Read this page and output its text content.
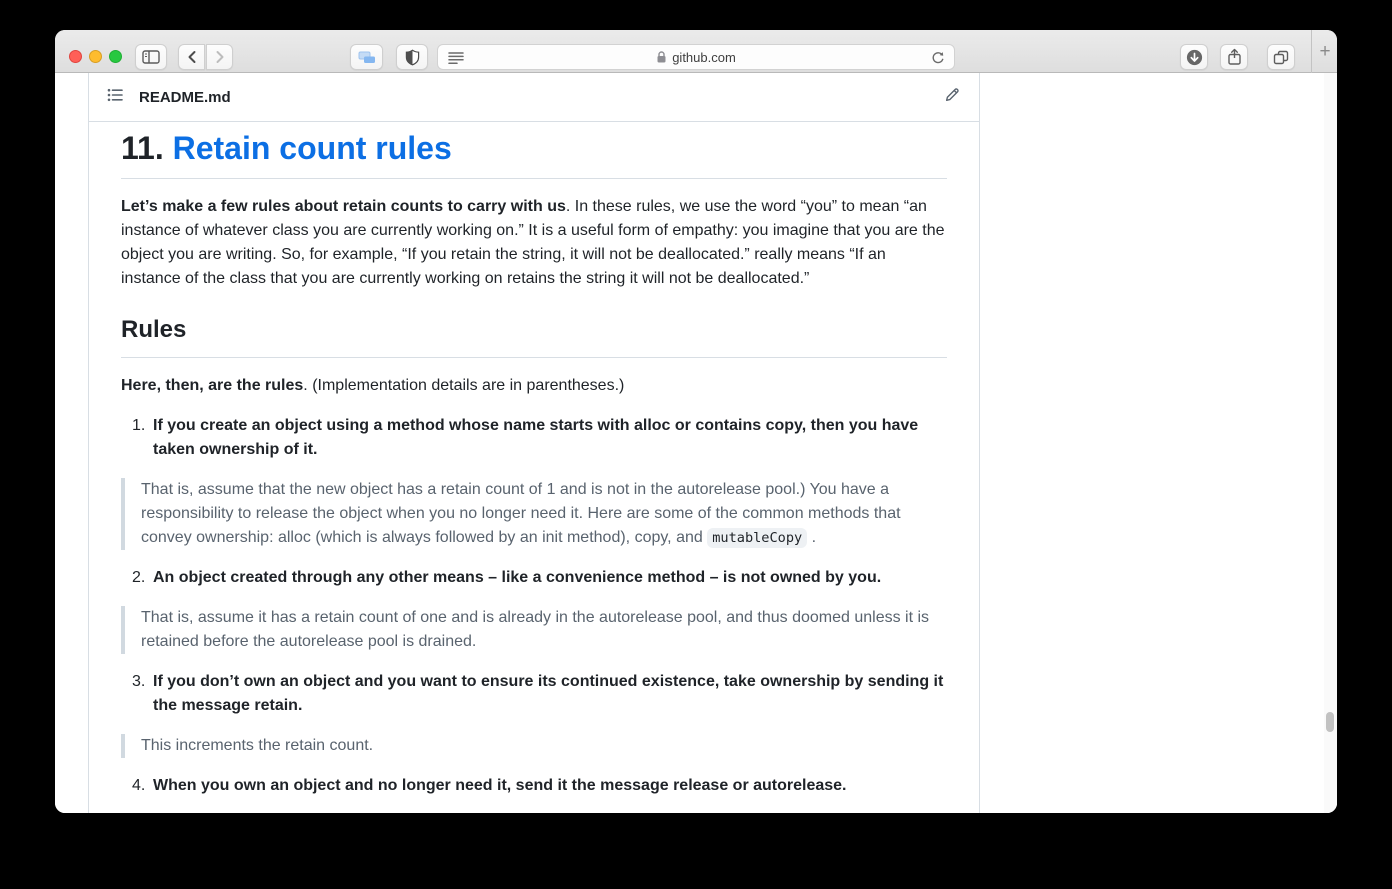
github.com	+
README.md
11. Retain count rules

Let’s make a few rules about retain counts to carry with us. In these rules, we use the word “you” to mean “an instance of whatever class you are currently working on.” It is a useful form of empathy: you imagine that you are the object you are writing. So, for example, “If you retain the string, it will not be deallocated.” really means “If an instance of the class that you are currently working on retains the string it will not be deallocated.”

Rules

Here, then, are the rules. (Implementation details are in parentheses.)

1. If you create an object using a method whose name starts with alloc or contains copy, then you have taken ownership of it.
That is, assume that the new object has a retain count of 1 and is not in the autorelease pool.) You have a responsibility to release the object when you no longer need it. Here are some of the common methods that convey ownership: alloc (which is always followed by an init method), copy, and mutableCopy .
2. An object created through any other means – like a convenience method – is not owned by you.
That is, assume it has a retain count of one and is already in the autorelease pool, and thus doomed unless it is retained before the autorelease pool is drained.
3. If you don’t own an object and you want to ensure its continued existence, take ownership by sending it the message retain.
This increments the retain count.
4. When you own an object and no longer need it, send it the message release or autorelease.
